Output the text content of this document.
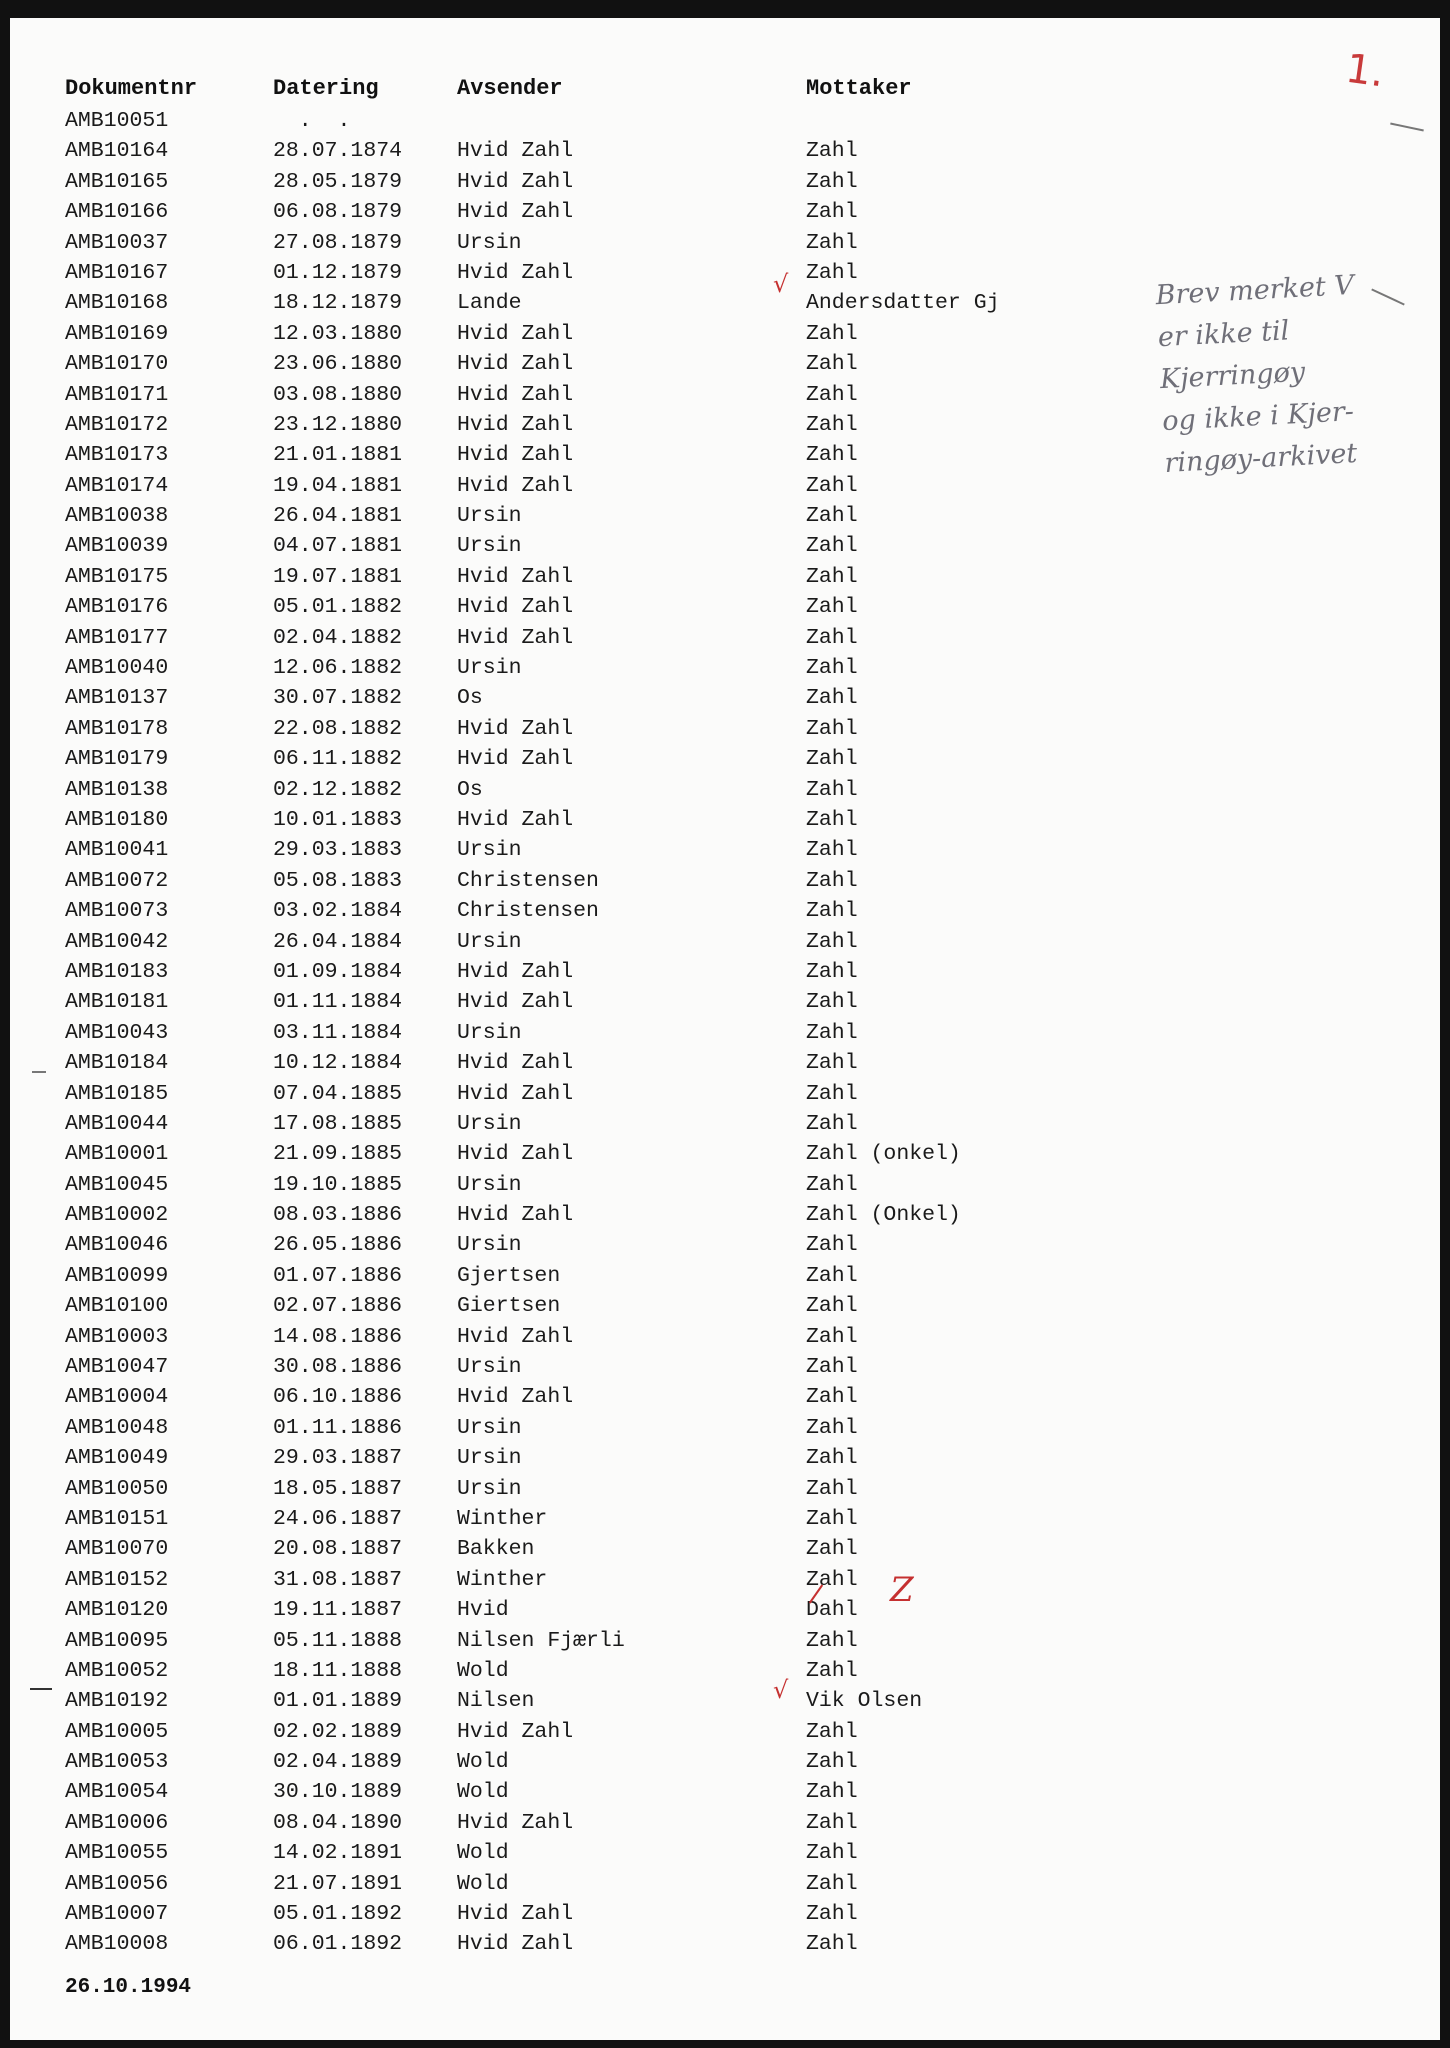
Dokumentnr	Datering	Avsender	Mottaker
AMB10051	.  .
AMB10164	28.07.1874	Hvid Zahl	Zahl
AMB10165	28.05.1879	Hvid Zahl	Zahl
AMB10166	06.08.1879	Hvid Zahl	Zahl
AMB10037	27.08.1879	Ursin	Zahl
AMB10167	01.12.1879	Hvid Zahl	Zahl
AMB10168	18.12.1879	Lande	Andersdatter Gj
AMB10169	12.03.1880	Hvid Zahl	Zahl
AMB10170	23.06.1880	Hvid Zahl	Zahl
AMB10171	03.08.1880	Hvid Zahl	Zahl
AMB10172	23.12.1880	Hvid Zahl	Zahl
AMB10173	21.01.1881	Hvid Zahl	Zahl
AMB10174	19.04.1881	Hvid Zahl	Zahl
AMB10038	26.04.1881	Ursin	Zahl
AMB10039	04.07.1881	Ursin	Zahl
AMB10175	19.07.1881	Hvid Zahl	Zahl
AMB10176	05.01.1882	Hvid Zahl	Zahl
AMB10177	02.04.1882	Hvid Zahl	Zahl
AMB10040	12.06.1882	Ursin	Zahl
AMB10137	30.07.1882	Os	Zahl
AMB10178	22.08.1882	Hvid Zahl	Zahl
AMB10179	06.11.1882	Hvid Zahl	Zahl
AMB10138	02.12.1882	Os	Zahl
AMB10180	10.01.1883	Hvid Zahl	Zahl
AMB10041	29.03.1883	Ursin	Zahl
AMB10072	05.08.1883	Christensen	Zahl
AMB10073	03.02.1884	Christensen	Zahl
AMB10042	26.04.1884	Ursin	Zahl
AMB10183	01.09.1884	Hvid Zahl	Zahl
AMB10181	01.11.1884	Hvid Zahl	Zahl
AMB10043	03.11.1884	Ursin	Zahl
AMB10184	10.12.1884	Hvid Zahl	Zahl
AMB10185	07.04.1885	Hvid Zahl	Zahl
AMB10044	17.08.1885	Ursin	Zahl
AMB10001	21.09.1885	Hvid Zahl	Zahl (onkel)
AMB10045	19.10.1885	Ursin	Zahl
AMB10002	08.03.1886	Hvid Zahl	Zahl (Onkel)
AMB10046	26.05.1886	Ursin	Zahl
AMB10099	01.07.1886	Gjertsen	Zahl
AMB10100	02.07.1886	Giertsen	Zahl
AMB10003	14.08.1886	Hvid Zahl	Zahl
AMB10047	30.08.1886	Ursin	Zahl
AMB10004	06.10.1886	Hvid Zahl	Zahl
AMB10048	01.11.1886	Ursin	Zahl
AMB10049	29.03.1887	Ursin	Zahl
AMB10050	18.05.1887	Ursin	Zahl
AMB10151	24.06.1887	Winther	Zahl
AMB10070	20.08.1887	Bakken	Zahl
AMB10152	31.08.1887	Winther	Zahl
AMB10120	19.11.1887	Hvid	Dahl
AMB10095	05.11.1888	Nilsen Fjærli	Zahl
AMB10052	18.11.1888	Wold	Zahl
AMB10192	01.01.1889	Nilsen	Vik Olsen
AMB10005	02.02.1889	Hvid Zahl	Zahl
AMB10053	02.04.1889	Wold	Zahl
AMB10054	30.10.1889	Wold	Zahl
AMB10006	08.04.1890	Hvid Zahl	Zahl
AMB10055	14.02.1891	Wold	Zahl
AMB10056	21.07.1891	Wold	Zahl
AMB10007	05.01.1892	Hvid Zahl	Zahl
AMB10008	06.01.1892	Hvid Zahl	Zahl
26.10.1994
1.
Brev merket V
er ikke til
Kjerringøy
og ikke i Kjer-
ringøy-arkivet
√
√
Z
